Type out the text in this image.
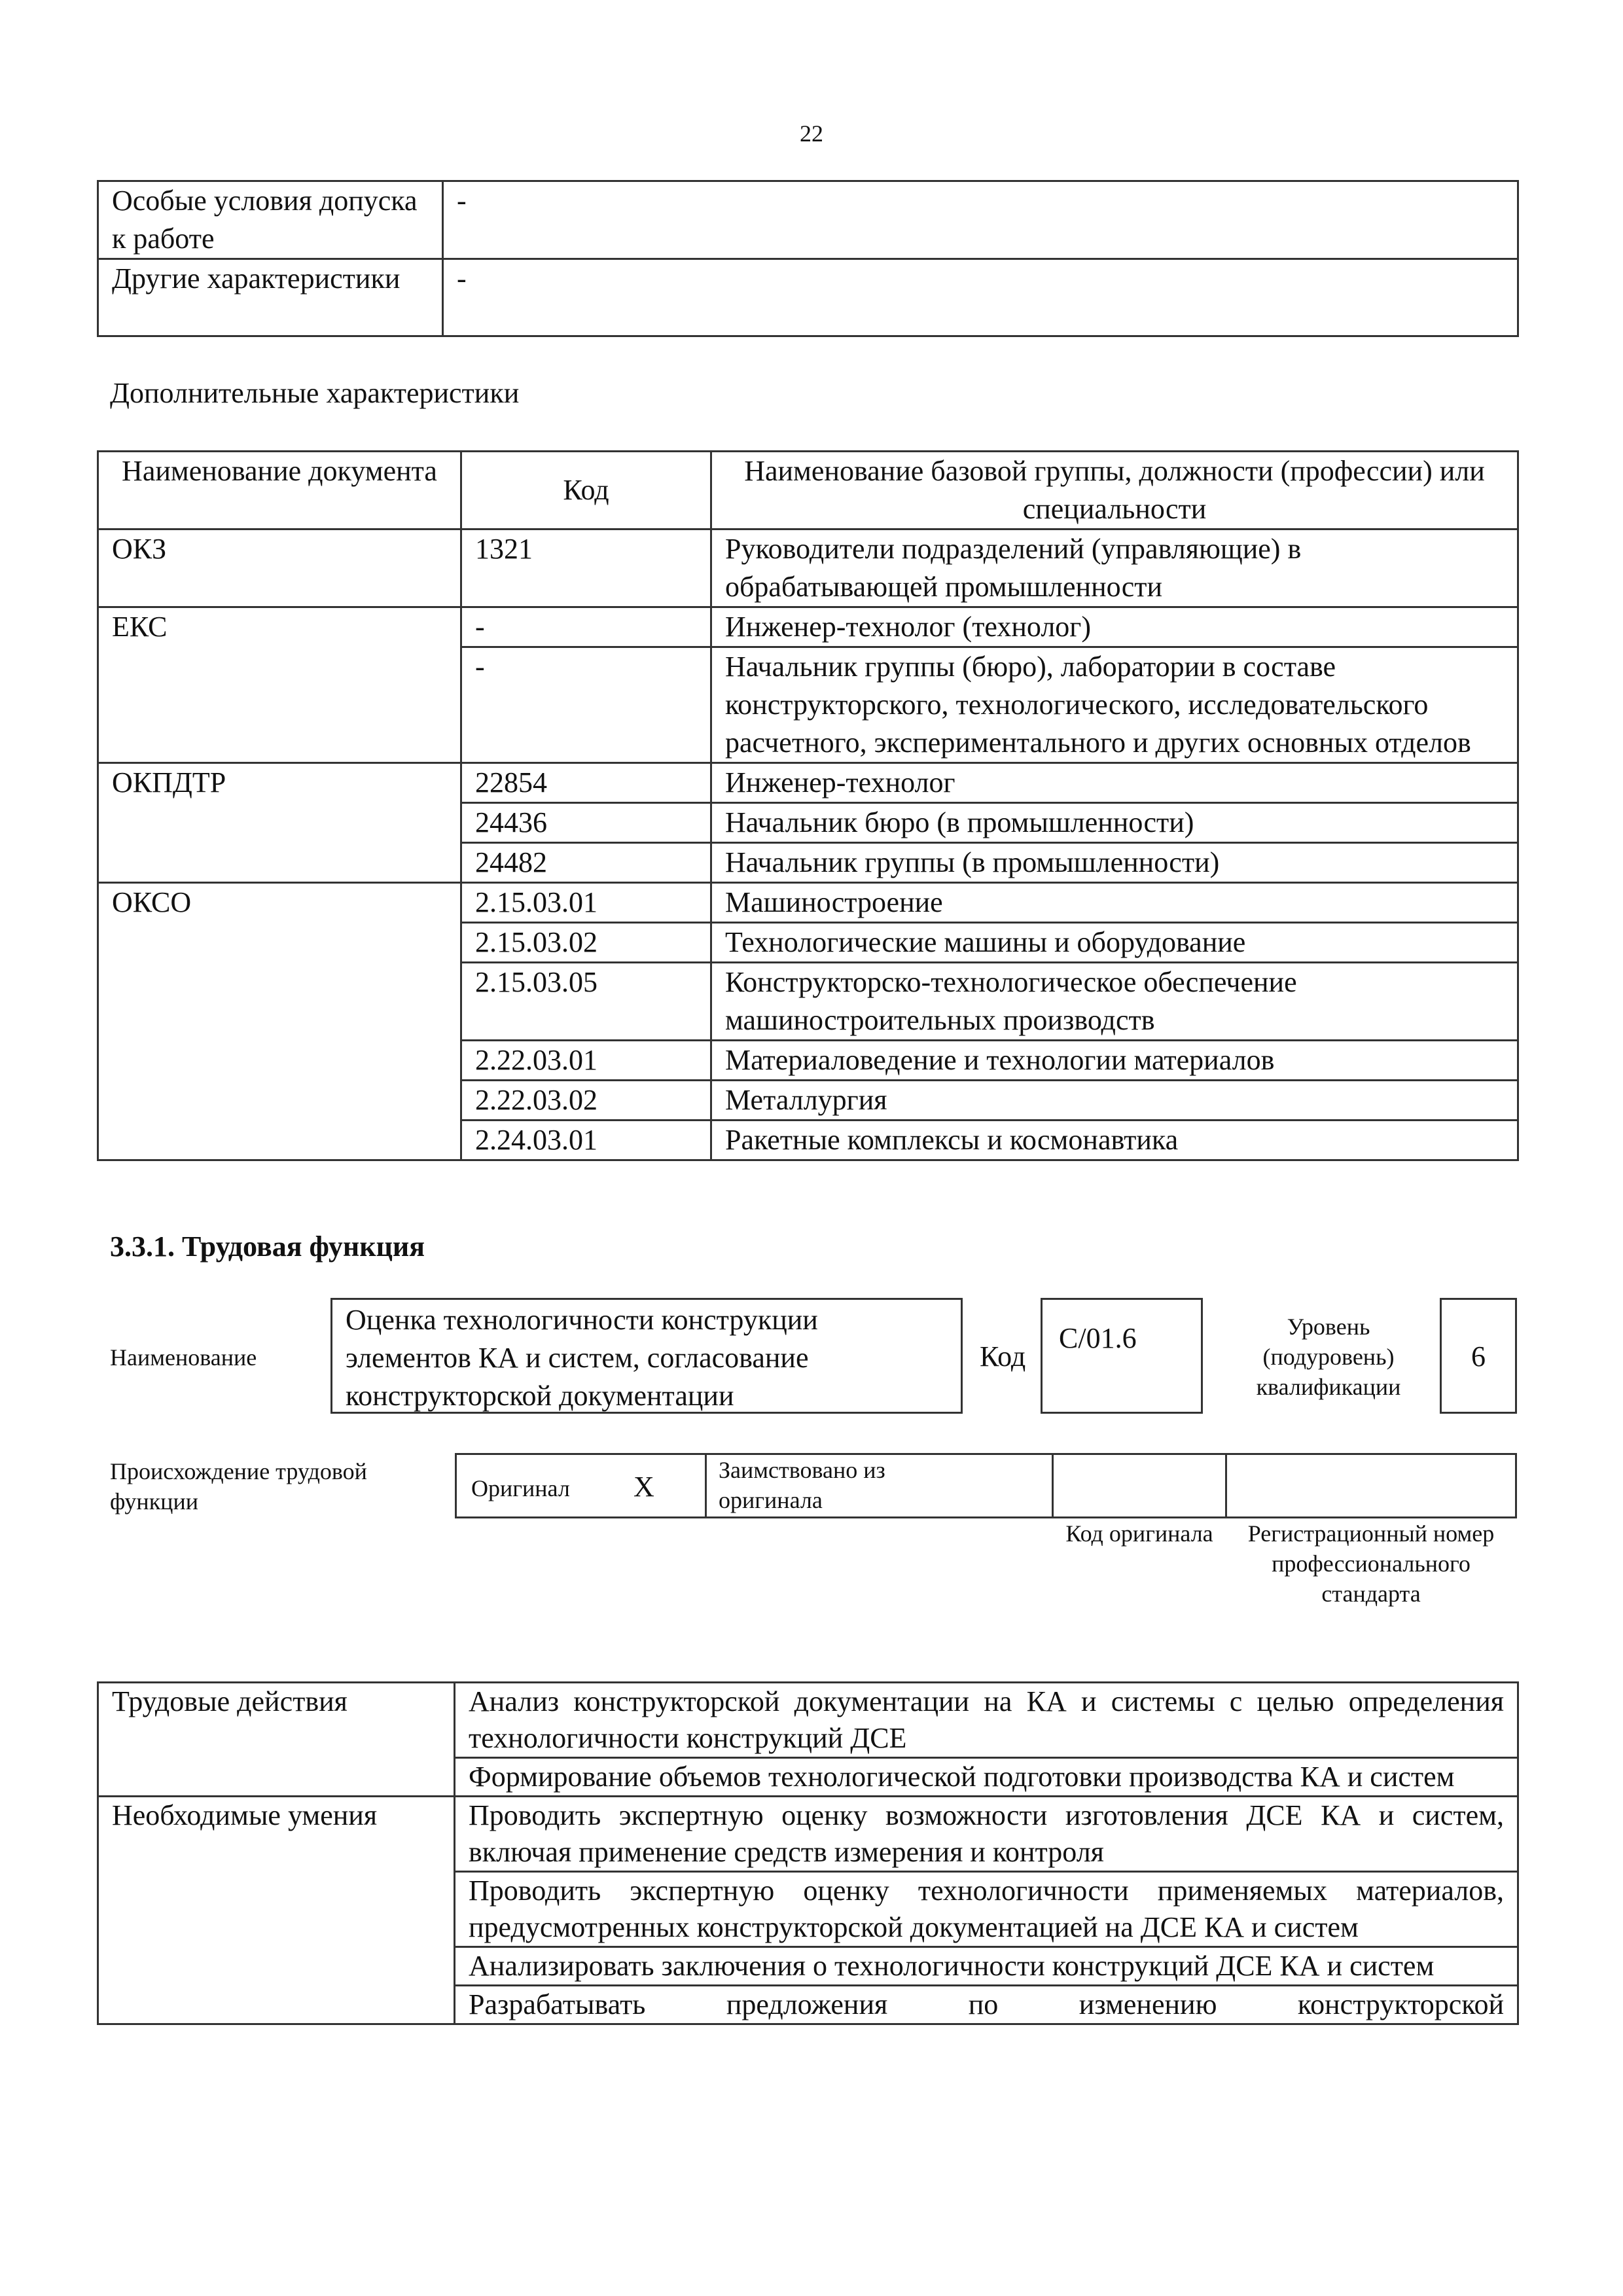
22
Особые условия допуска к работе	-
Другие характеристики	-
Дополнительные характеристики
Наименование документа	Код	Наименование базовой группы, должности (профессии) или специальности
ОКЗ	1321	Руководители подразделений (управляющие) в обрабатывающей промышленности
ЕКС	-	Инженер-технолог (технолог)
	-	Начальник группы (бюро), лаборатории в составе конструкторского, технологического, исследовательского расчетного, экспериментального и других основных отделов
ОКПДТР	22854	Инженер-технолог
	24436	Начальник бюро (в промышленности)
	24482	Начальник группы (в промышленности)
ОКСО	2.15.03.01	Машиностроение
	2.15.03.02	Технологические машины и оборудование
	2.15.03.05	Конструкторско-технологическое обеспечение машиностроительных производств
	2.22.03.01	Материаловедение и технологии материалов
	2.22.03.02	Металлургия
	2.24.03.01	Ракетные комплексы и космонавтика
3.3.1. Трудовая функция
Наименование
Оценка технологичности конструкции элементов КА и систем, согласование конструкторской документации
Код
С/01.6	Уровень (подуровень) квалификации
6
Происхождение трудовой функции	Оригинал Х
Заимствовано из оригинала
Код оригинала	Регистрационный номер профессионального стандарта
Трудовые действия	Анализ конструкторской документации на КА и системы с целью определения технологичности конструкций ДСЕ
	Формирование объемов технологической подготовки производства КА и систем
Необходимые умения	Проводить экспертную оценку возможности изготовления ДСЕ КА и систем, включая применение средств измерения и контроля
	Проводить экспертную оценку технологичности применяемых материалов, предусмотренных конструкторской документацией на ДСЕ КА и систем
	Анализировать заключения о технологичности конструкций ДСЕ КА и систем
	Разрабатывать предложения по изменению конструкторской
